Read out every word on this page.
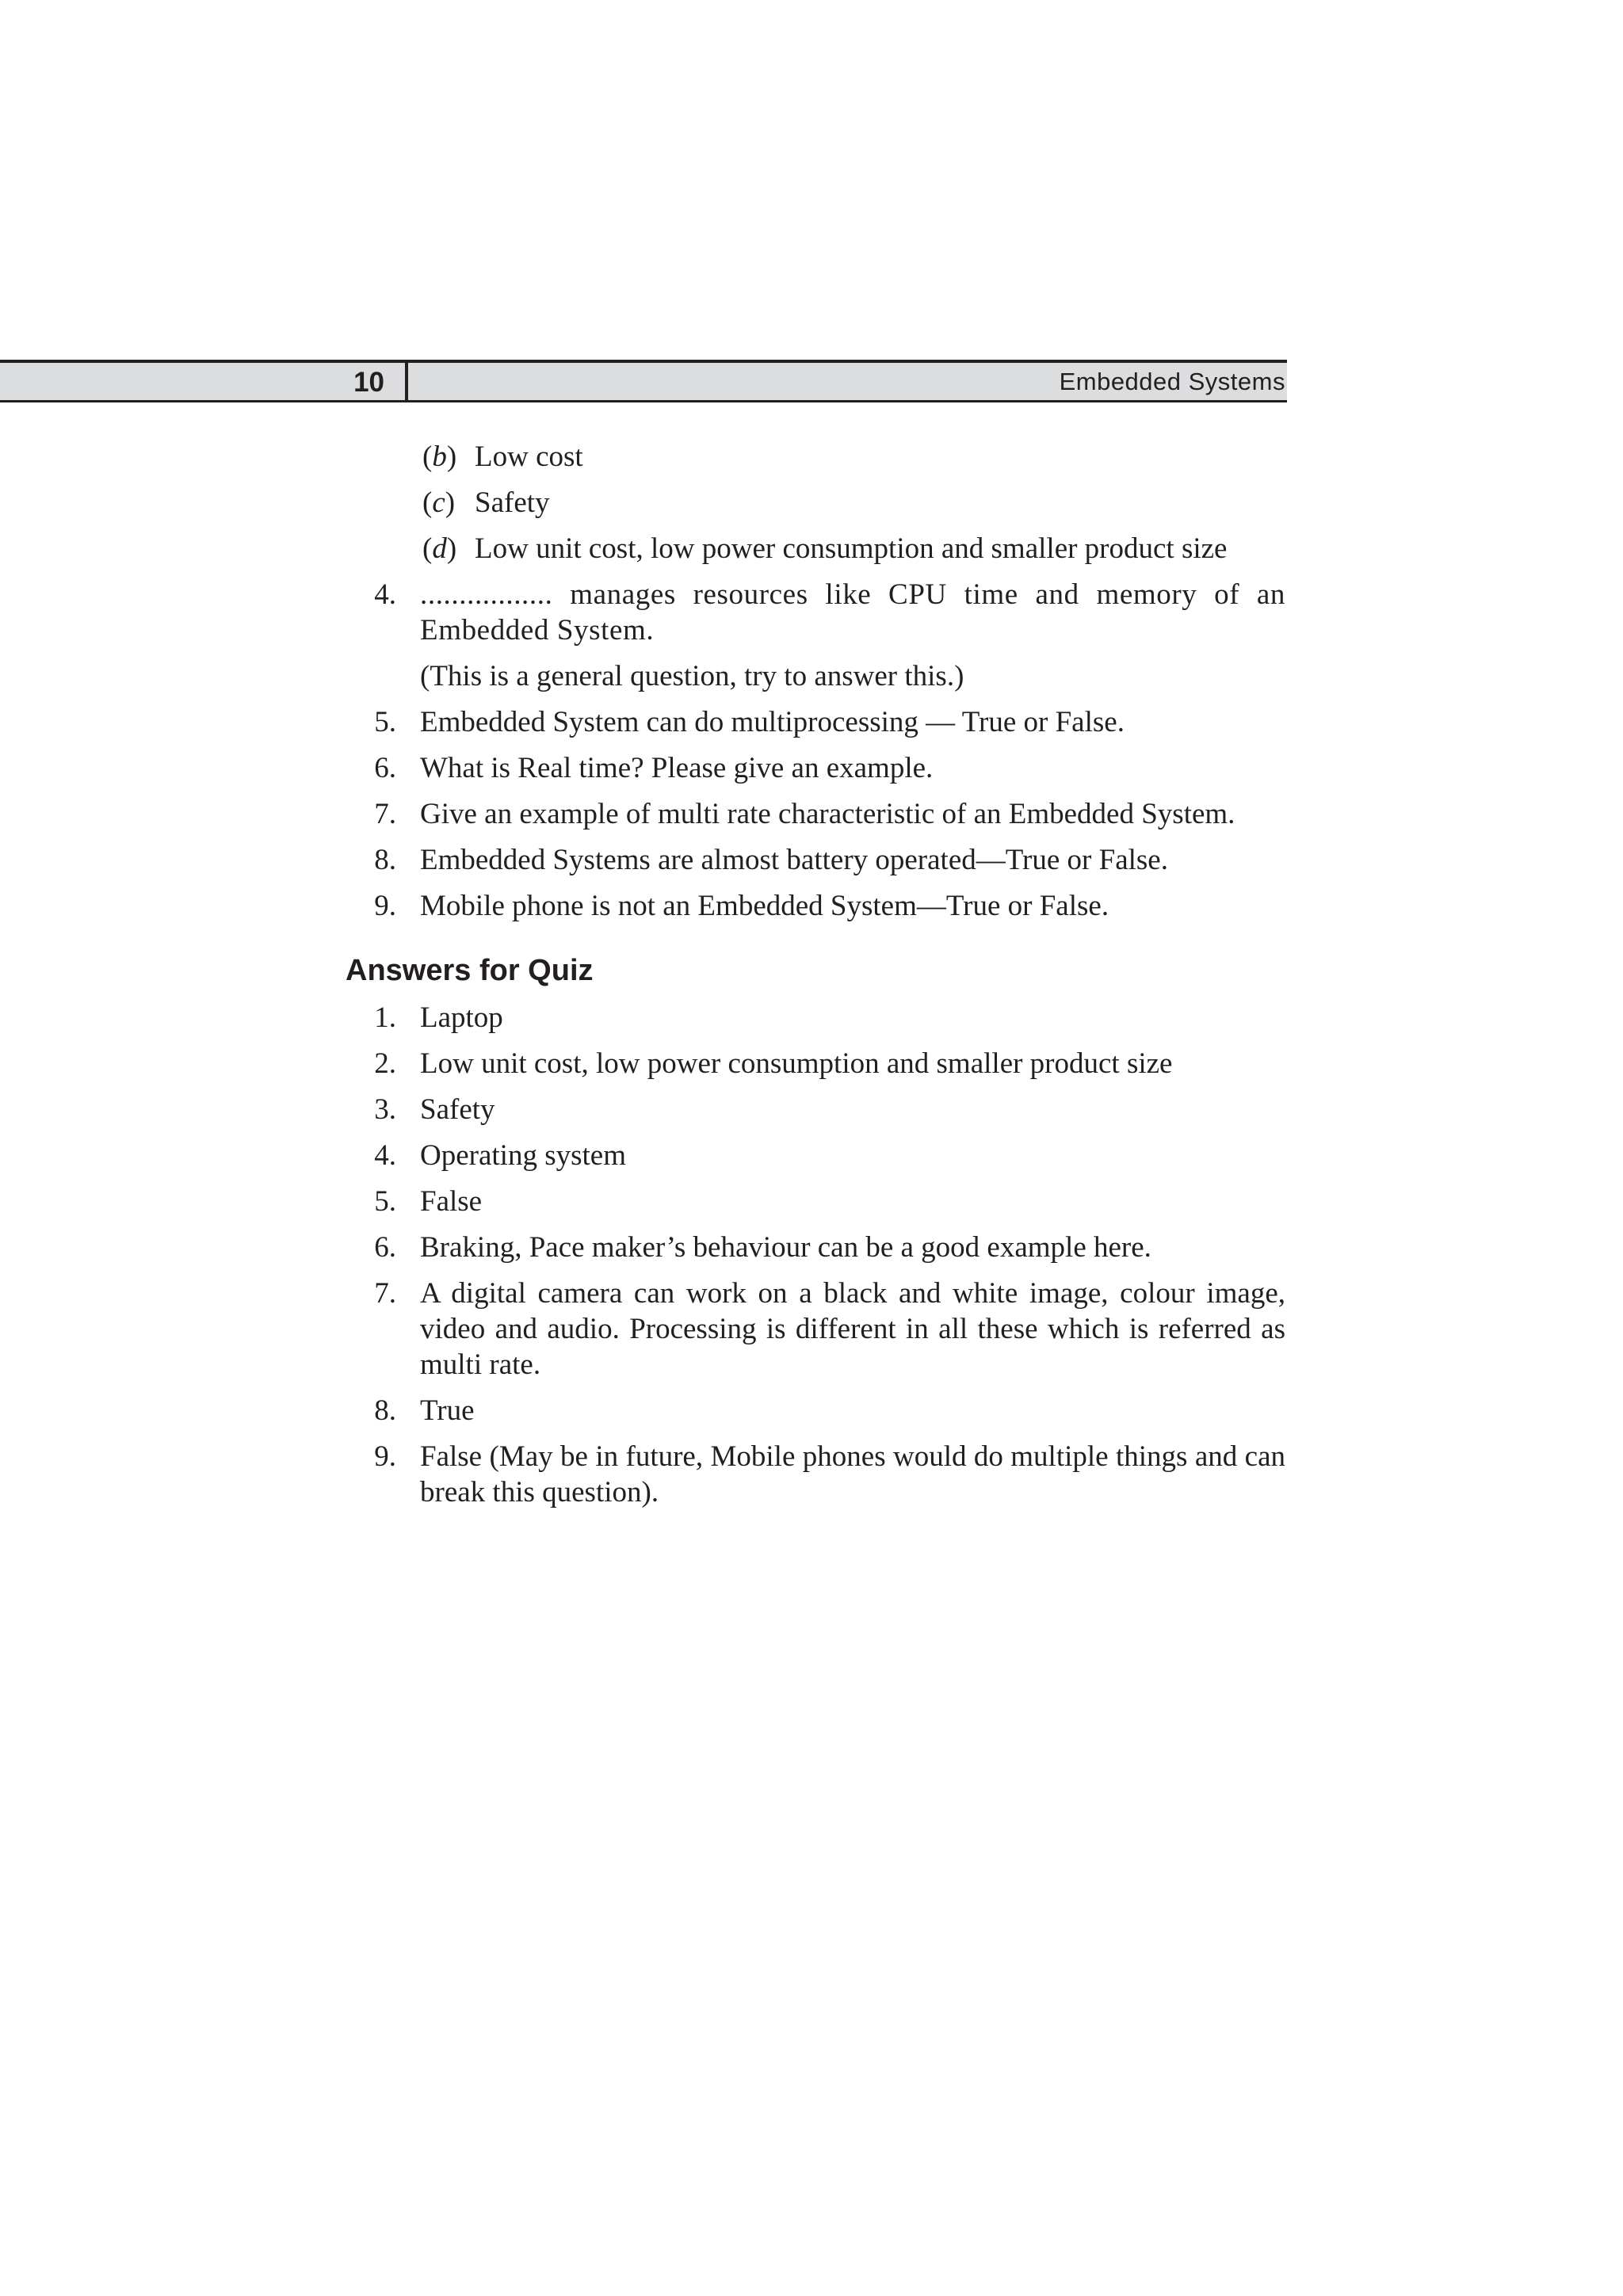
10	Embedded Systems
(b) Low cost
(c) Safety
(d) Low unit cost, low power consumption and smaller product size
4. ................. manages resources like CPU time and memory of an Embedded System.
(This is a general question, try to answer this.)
5. Embedded System can do multiprocessing — True or False.
6. What is Real time? Please give an example.
7. Give an example of multi rate characteristic of an Embedded System.
8. Embedded Systems are almost battery operated—True or False.
9. Mobile phone is not an Embedded System—True or False.
Answers for Quiz
1. Laptop
2. Low unit cost, low power consumption and smaller product size
3. Safety
4. Operating system
5. False
6. Braking, Pace maker’s behaviour can be a good example here.
7. A digital camera can work on a black and white image, colour image, video and audio. Processing is different in all these which is referred as multi rate.
8. True
9. False (May be in future, Mobile phones would do multiple things and can break this question).
